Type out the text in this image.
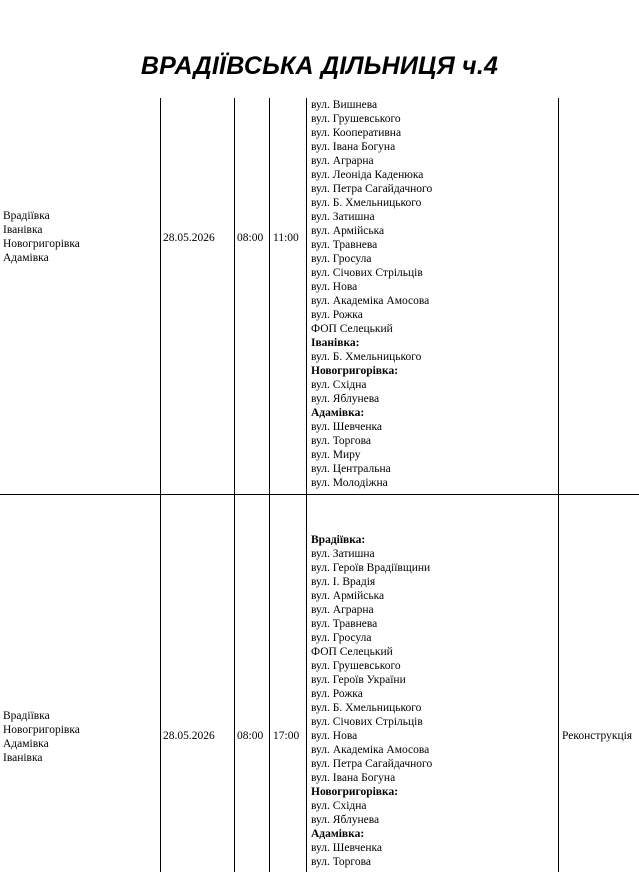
ВРАДІЇВСЬКА ДІЛЬНИЦЯ ч.4
Врадіївка
Іванівка
Новогригорівка
Адамівка
28.05.2026 08:00 11:00
вул. Вишнева
вул. Грушевського
вул. Кооперативна
вул. Івана Богуна
вул. Аграрна
вул. Леоніда Каденюка
вул. Петра Сагайдачного
вул. Б. Хмельницького
вул. Затишна
вул. Армійська
вул. Травнева
вул. Гросула
вул. Січових Стрільців
вул. Нова
вул. Академіка Амосова
вул. Рожка
ФОП Селецький
Іванівка:
вул. Б. Хмельницького
Новогригорівка:
вул. Східна
вул. Яблунева
Адамівка:
вул. Шевченка
вул. Торгова
вул. Миру
вул. Центральна
вул. Молодіжна
Врадіївка
Новогригорівка
Адамівка
Іванівка
28.05.2026 08:00 17:00	Реконструкція
Врадіївка:
вул. Затишна
вул. Героїв Врадіївщини
вул. І. Врадія
вул. Армійська
вул. Аграрна
вул. Травнева
вул. Гросула
ФОП Селецький
вул. Грушевського
вул. Героїв України
вул. Рожка
вул. Б. Хмельницького
вул. Січових Стрільців
вул. Нова
вул. Академіка Амосова
вул. Петра Сагайдачного
вул. Івана Богуна
Новогригорівка:
вул. Східна
вул. Яблунева
Адамівка:
вул. Шевченка
вул. Торгова
